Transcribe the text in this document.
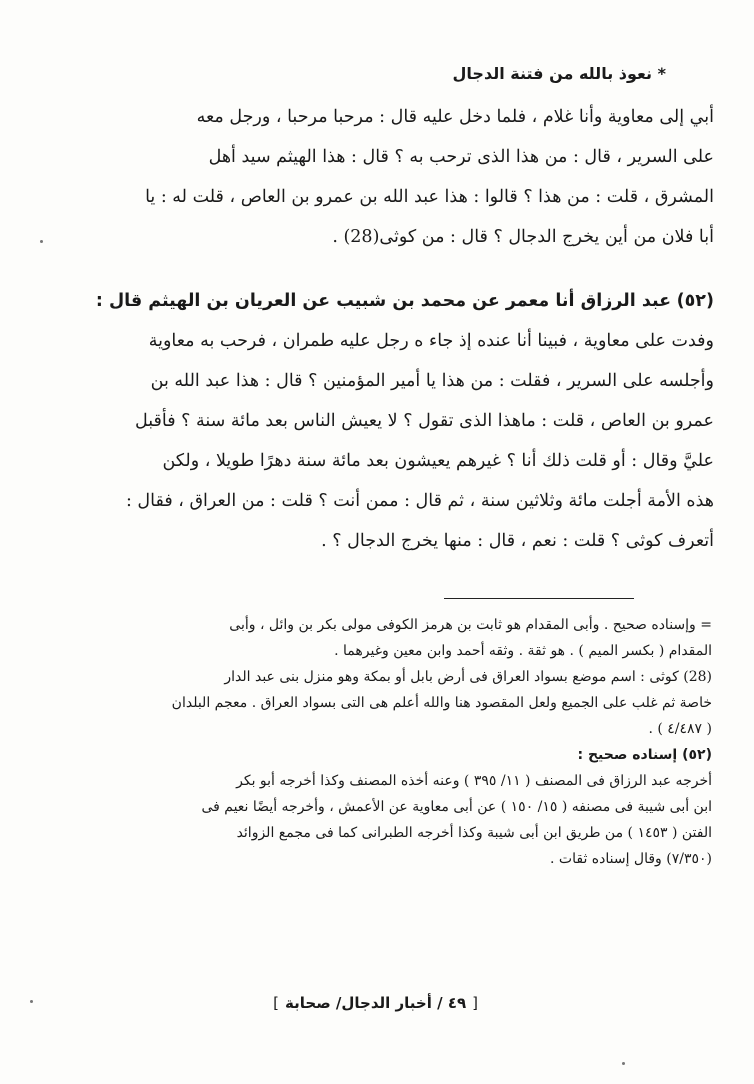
* نعوذ بالله من فتنة الدجال
أبي إلى معاوية وأنا غلام ، فلما دخل عليه قال : مرحبا مرحبا ، ورجل معه
على السرير ، قال : من هذا الذى ترحب به ؟ قال : هذا الهيثم سيد أهل
المشرق ، قلت : من هذا ؟ قالوا : هذا عبد الله بن عمرو بن العاص ، قلت له : يا
أبا فلان من أين يخرج الدجال ؟ قال : من كوثى(28) .
(٥٢) عبد الرزاق أنا معمر عن محمد بن شبيب عن العريان بن الهيثم قال :
وفدت على معاوية ، فبينا أنا عنده إذ جاء ه رجل عليه طمران ، فرحب به معاوية
وأجلسه على السرير ، فقلت : من هذا يا أمير المؤمنين ؟ قال : هذا عبد الله بن
عمرو بن العاص ، قلت : ماهذا الذى تقول ؟ لا يعيش الناس بعد مائة سنة ؟ فأقبل
عليَّ وقال : أو قلت ذلك أنا ؟ غيرهم يعيشون بعد مائة سنة دهرًا طويلا ، ولكن
هذه الأمة أجلت مائة وثلاثين سنة ، ثم قال : ممن أنت ؟ قلت : من العراق ، فقال :
أتعرف كوثى ؟ قلت : نعم ، قال : منها يخرج الدجال ؟ .
= وإسناده صحيح . وأبى المقدام هو ثابت بن هرمز الكوفى مولى بكر بن وائل ، وأبى
المقدام ( بكسر الميم ) . هو ثقة . وثقه أحمد وابن معين وغيرهما .
(28) كوثى : اسم موضع بسواد العراق فى أرض بابل أو بمكة وهو منزل بنى عبد الدار
خاصة ثم غلب على الجميع ولعل المقصود هنا والله أعلم هى التى بسواد العراق . معجم البلدان
( ٤/٤٨٧ ) .
(٥٢) إسناده صحيح :
أخرجه عبد الرزاق فى المصنف ( ١١/ ٣٩٥ ) وعنه أخذه المصنف وكذا أخرجه أبو بكر
ابن أبى شيبة فى مصنفه ( ١٥/ ١٥٠ ) عن أبى معاوية عن الأعمش ، وأخرجه أيضًا نعيم فى
الفتن ( ١٤٥٣ ) من طريق ابن أبى شيبة وكذا أخرجه الطبرانى كما فى مجمع الزوائد
(٧/٣٥٠) وقال إسناده ثقات .
[٤٩ / أخبار الدجال/ صحابة]
